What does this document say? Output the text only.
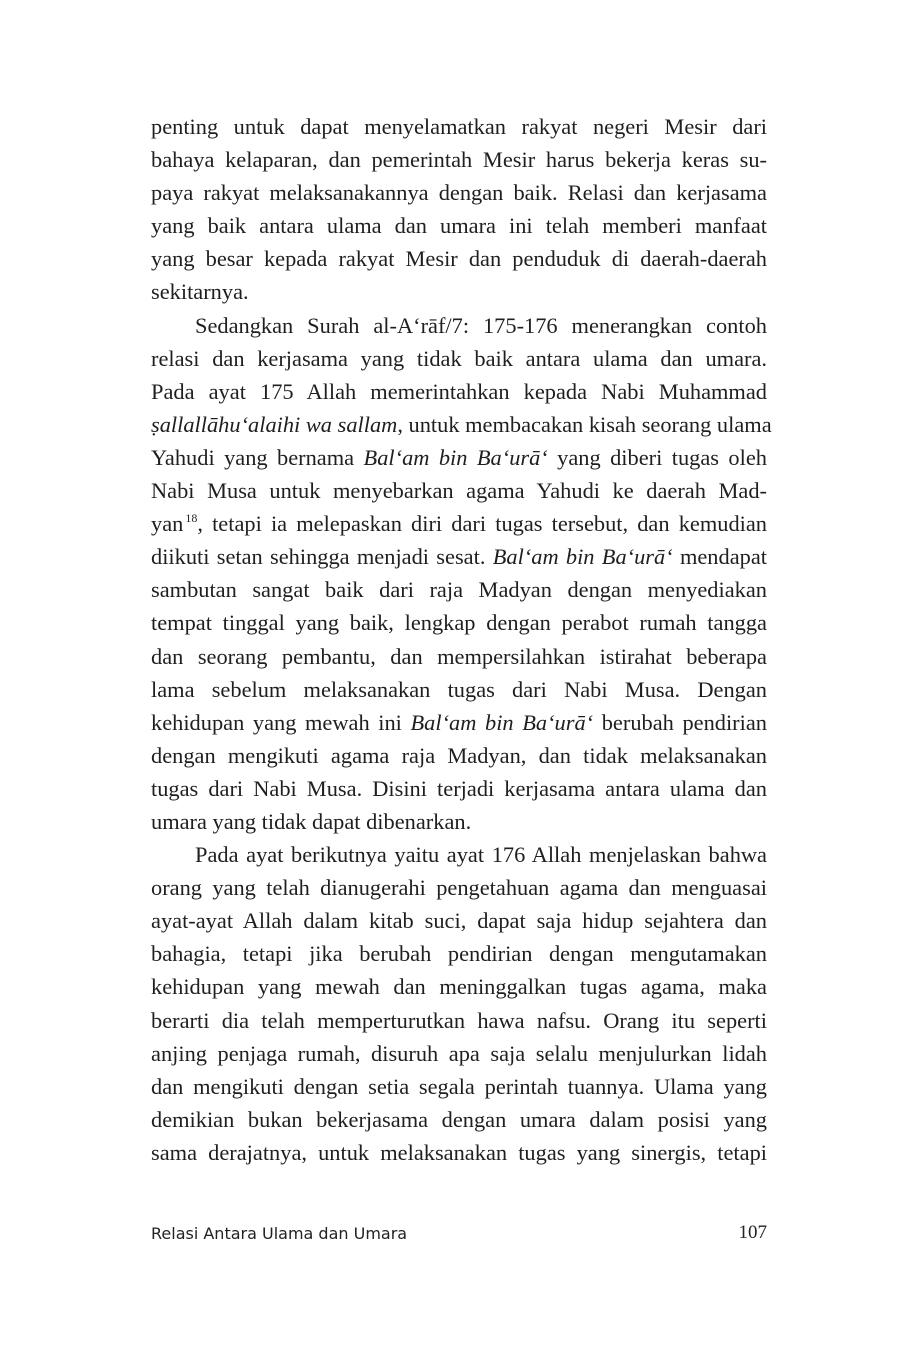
penting untuk dapat menyelamatkan rakyat negeri Mesir dari
bahaya kelaparan, dan pemerintah Mesir harus bekerja keras su-
paya rakyat melaksanakannya dengan baik. Relasi dan kerjasama
yang baik antara ulama dan umara ini telah memberi manfaat
yang besar kepada rakyat Mesir dan penduduk di daerah-daerah
sekitarnya.
Sedangkan Surah al-A‘rāf/7: 175-176 menerangkan contoh
relasi dan kerjasama yang tidak baik antara ulama dan umara.
Pada ayat 175 Allah memerintahkan kepada Nabi Muhammad
ṣallallāhu‘alaihi wa sallam, untuk membacakan kisah seorang ulama
Yahudi yang bernama Bal‘am bin Ba‘urā‘ yang diberi tugas oleh
Nabi Musa untuk menyebarkan agama Yahudi ke daerah Mad-
yan $^{18}$, tetapi ia melepaskan diri dari tugas tersebut, dan kemudian
diikuti setan sehingga menjadi sesat. Bal‘am bin Ba‘urā‘ mendapat
sambutan sangat baik dari raja Madyan dengan menyediakan
tempat tinggal yang baik, lengkap dengan perabot rumah tangga
dan seorang pembantu, dan mempersilahkan istirahat beberapa
lama sebelum melaksanakan tugas dari Nabi Musa. Dengan
kehidupan yang mewah ini Bal‘am bin Ba‘urā‘ berubah pendirian
dengan mengikuti agama raja Madyan, dan tidak melaksanakan
tugas dari Nabi Musa. Disini terjadi kerjasama antara ulama dan
umara yang tidak dapat dibenarkan.
Pada ayat berikutnya yaitu ayat 176 Allah menjelaskan bahwa
orang yang telah dianugerahi pengetahuan agama dan menguasai
ayat-ayat Allah dalam kitab suci, dapat saja hidup sejahtera dan
bahagia, tetapi jika berubah pendirian dengan mengutamakan
kehidupan yang mewah dan meninggalkan tugas agama, maka
berarti dia telah memperturutkan hawa nafsu. Orang itu seperti
anjing penjaga rumah, disuruh apa saja selalu menjulurkan lidah
dan mengikuti dengan setia segala perintah tuannya. Ulama yang
demikian bukan bekerjasama dengan umara dalam posisi yang
sama derajatnya, untuk melaksanakan tugas yang sinergis, tetapi
Relasi Antara Ulama dan Umara	107
